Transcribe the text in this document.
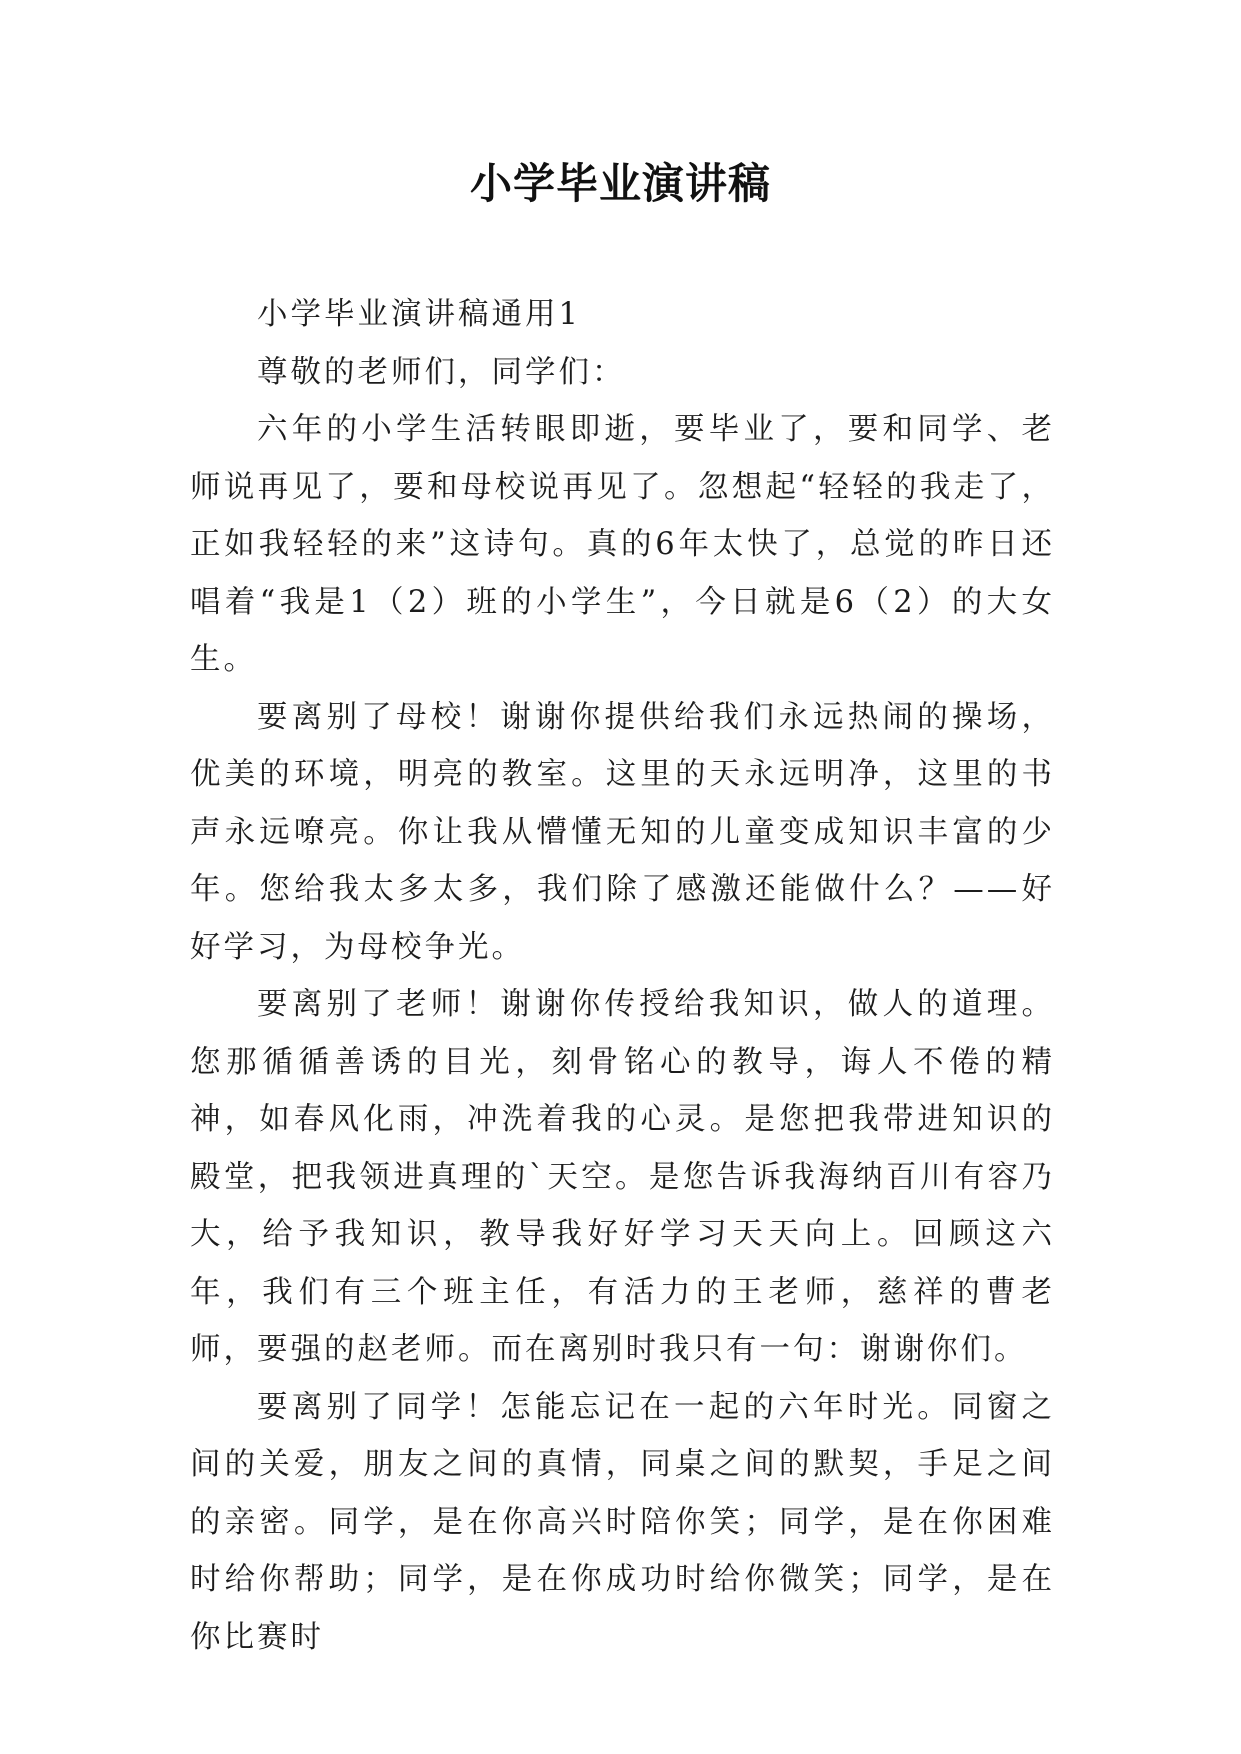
小学毕业演讲稿

小学毕业演讲稿通用1

尊敬的老师们，同学们：

六年的小学生活转眼即逝，要毕业了，要和同学、老师说再见了，要和母校说再见了。忽想起“轻轻的我走了，正如我轻轻的来”这诗句。真的6年太快了，总觉的昨日还唱着“我是1（2）班的小学生”，今日就是6（2）的大女生。

要离别了母校！谢谢你提供给我们永远热闹的操场，优美的环境，明亮的教室。这里的天永远明净，这里的书声永远嘹亮。你让我从懵懂无知的儿童变成知识丰富的少年。您给我太多太多，我们除了感激还能做什么？——好好学习，为母校争光。

要离别了老师！谢谢你传授给我知识，做人的道理。您那循循善诱的目光，刻骨铭心的教导，诲人不倦的精神，如春风化雨，冲洗着我的心灵。是您把我带进知识的殿堂，把我领进真理的`天空。是您告诉我海纳百川有容乃大，给予我知识，教导我好好学习天天向上。回顾这六年，我们有三个班主任，有活力的王老师，慈祥的曹老师，要强的赵老师。而在离别时我只有一句：谢谢你们。

要离别了同学！怎能忘记在一起的六年时光。同窗之间的关爱，朋友之间的真情，同桌之间的默契，手足之间的亲密。同学，是在你高兴时陪你笑；同学，是在你困难时给你帮助；同学，是在你成功时给你微笑；同学，是在你比赛时
